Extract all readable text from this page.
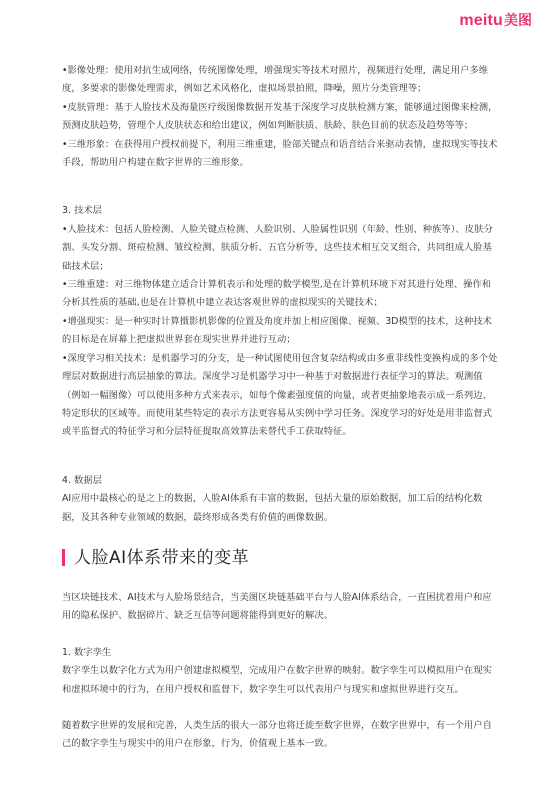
meitu 美图

•影像处理：使用对抗生成网络，传统图像处理，增强现实等技术对照片，视频进行处理，满足用户多维度，多要求的影像处理需求，例如艺术风格化，虚拟场景拍照，降噪，照片分类管理等；

•皮肤管理：基于人脸技术及海量医疗级图像数据开发基于深度学习皮肤检测方案，能够通过图像来检测，预测皮肤趋势，管理个人皮肤状态和给出建议，例如判断肤质、肤龄、肤色目前的状态及趋势等等；

•三维形象：在获得用户授权前提下，利用三维重建，脸部关键点和语音结合来驱动表情，虚拟现实等技术手段，帮助用户构建在数字世界的三维形象。

3. 技术层

•人脸技术：包括人脸检测、人脸关键点检测、人脸识别、人脸属性识别（年龄、性别、种族等）、皮肤分割、头发分割、斑痘检测、皱纹检测、肤质分析、五官分析等，这些技术相互交叉组合，共同组成人脸基础技术层；

•三维重建：对三维物体建立适合计算机表示和处理的数学模型,是在计算机环境下对其进行处理、操作和分析其性质的基础,也是在计算机中建立表达客观世界的虚拟现实的关键技术；

•增强现实：是一种实时计算摄影机影像的位置及角度并加上相应图像、视频、3D模型的技术，这种技术的目标是在屏幕上把虚拟世界套在现实世界并进行互动；

•深度学习相关技术：是机器学习的分支，是一种试图使用包含复杂结构或由多重非线性变换构成的多个处理层对数据进行高层抽象的算法。深度学习是机器学习中一种基于对数据进行表征学习的算法。观测值（例如一幅图像）可以使用多种方式来表示，如每个像素强度值的向量，或者更抽象地表示成一系列边、特定形状的区域等。而使用某些特定的表示方法更容易从实例中学习任务。深度学习的好处是用非监督式或半监督式的特征学习和分层特征提取高效算法来替代手工获取特征。

4. 数据层

AI应用中最核心的是之上的数据，人脸AI体系有丰富的数据，包括大量的原始数据，加工后的结构化数据，及其各种专业领域的数据，最终形成各类有价值的画像数据。

人脸AI体系带来的变革

当区块链技术、AI技术与人脸场景结合，当美图区块链基础平台与人脸AI体系结合，一直困扰着用户和应用的隐私保护、数据碎片、缺乏互信等问题将能得到更好的解决。

1. 数字孪生

数字孪生以数字化方式为用户创建虚拟模型，完成用户在数字世界的映射。数字孪生可以模拟用户在现实和虚拟环境中的行为，在用户授权和监督下，数字孪生可以代表用户与现实和虚拟世界进行交互。

随着数字世界的发展和完善，人类生活的很大一部分也将迁徙至数字世界，在数字世界中，有一个用户自己的数字孪生与现实中的用户在形象，行为，价值观上基本一致。
